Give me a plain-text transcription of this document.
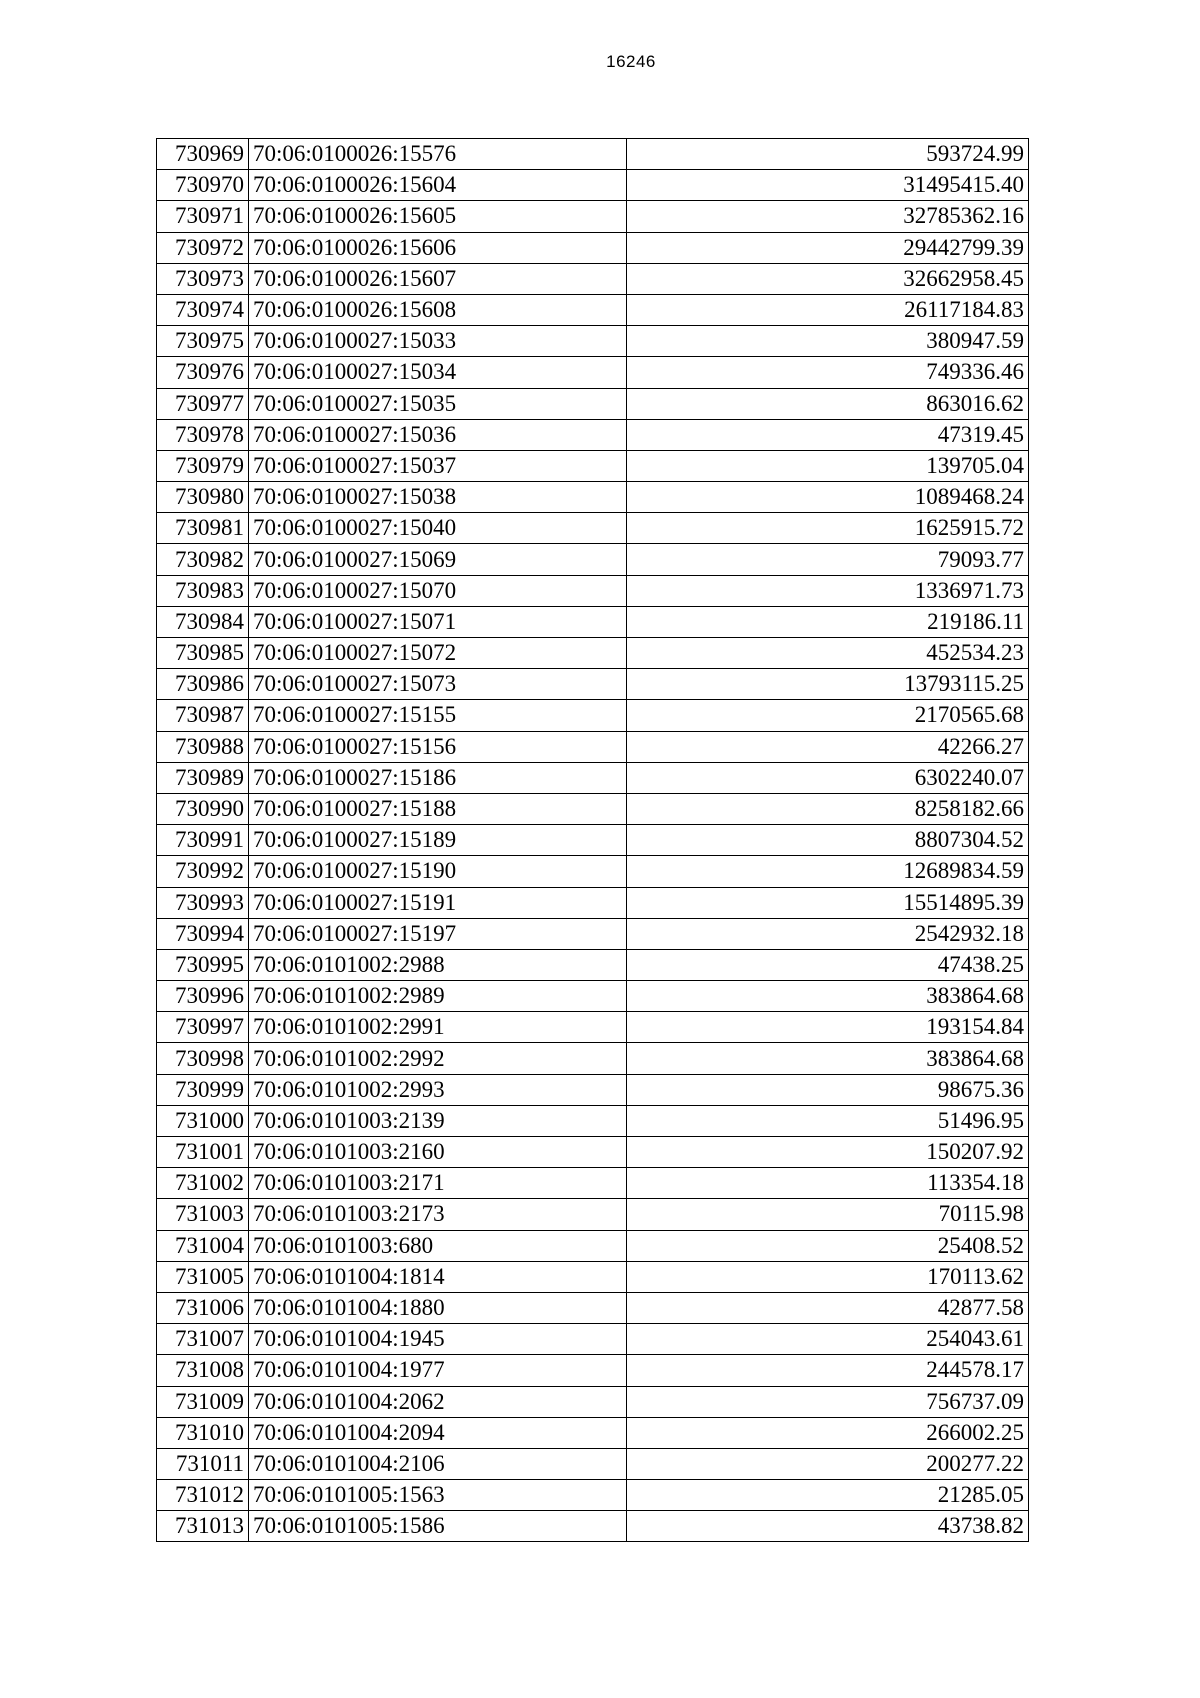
16246
730969	70:06:0100026:15576	593724.99
730970	70:06:0100026:15604	31495415.40
730971	70:06:0100026:15605	32785362.16
730972	70:06:0100026:15606	29442799.39
730973	70:06:0100026:15607	32662958.45
730974	70:06:0100026:15608	26117184.83
730975	70:06:0100027:15033	380947.59
730976	70:06:0100027:15034	749336.46
730977	70:06:0100027:15035	863016.62
730978	70:06:0100027:15036	47319.45
730979	70:06:0100027:15037	139705.04
730980	70:06:0100027:15038	1089468.24
730981	70:06:0100027:15040	1625915.72
730982	70:06:0100027:15069	79093.77
730983	70:06:0100027:15070	1336971.73
730984	70:06:0100027:15071	219186.11
730985	70:06:0100027:15072	452534.23
730986	70:06:0100027:15073	13793115.25
730987	70:06:0100027:15155	2170565.68
730988	70:06:0100027:15156	42266.27
730989	70:06:0100027:15186	6302240.07
730990	70:06:0100027:15188	8258182.66
730991	70:06:0100027:15189	8807304.52
730992	70:06:0100027:15190	12689834.59
730993	70:06:0100027:15191	15514895.39
730994	70:06:0100027:15197	2542932.18
730995	70:06:0101002:2988	47438.25
730996	70:06:0101002:2989	383864.68
730997	70:06:0101002:2991	193154.84
730998	70:06:0101002:2992	383864.68
730999	70:06:0101002:2993	98675.36
731000	70:06:0101003:2139	51496.95
731001	70:06:0101003:2160	150207.92
731002	70:06:0101003:2171	113354.18
731003	70:06:0101003:2173	70115.98
731004	70:06:0101003:680	25408.52
731005	70:06:0101004:1814	170113.62
731006	70:06:0101004:1880	42877.58
731007	70:06:0101004:1945	254043.61
731008	70:06:0101004:1977	244578.17
731009	70:06:0101004:2062	756737.09
731010	70:06:0101004:2094	266002.25
731011	70:06:0101004:2106	200277.22
731012	70:06:0101005:1563	21285.05
731013	70:06:0101005:1586	43738.82
